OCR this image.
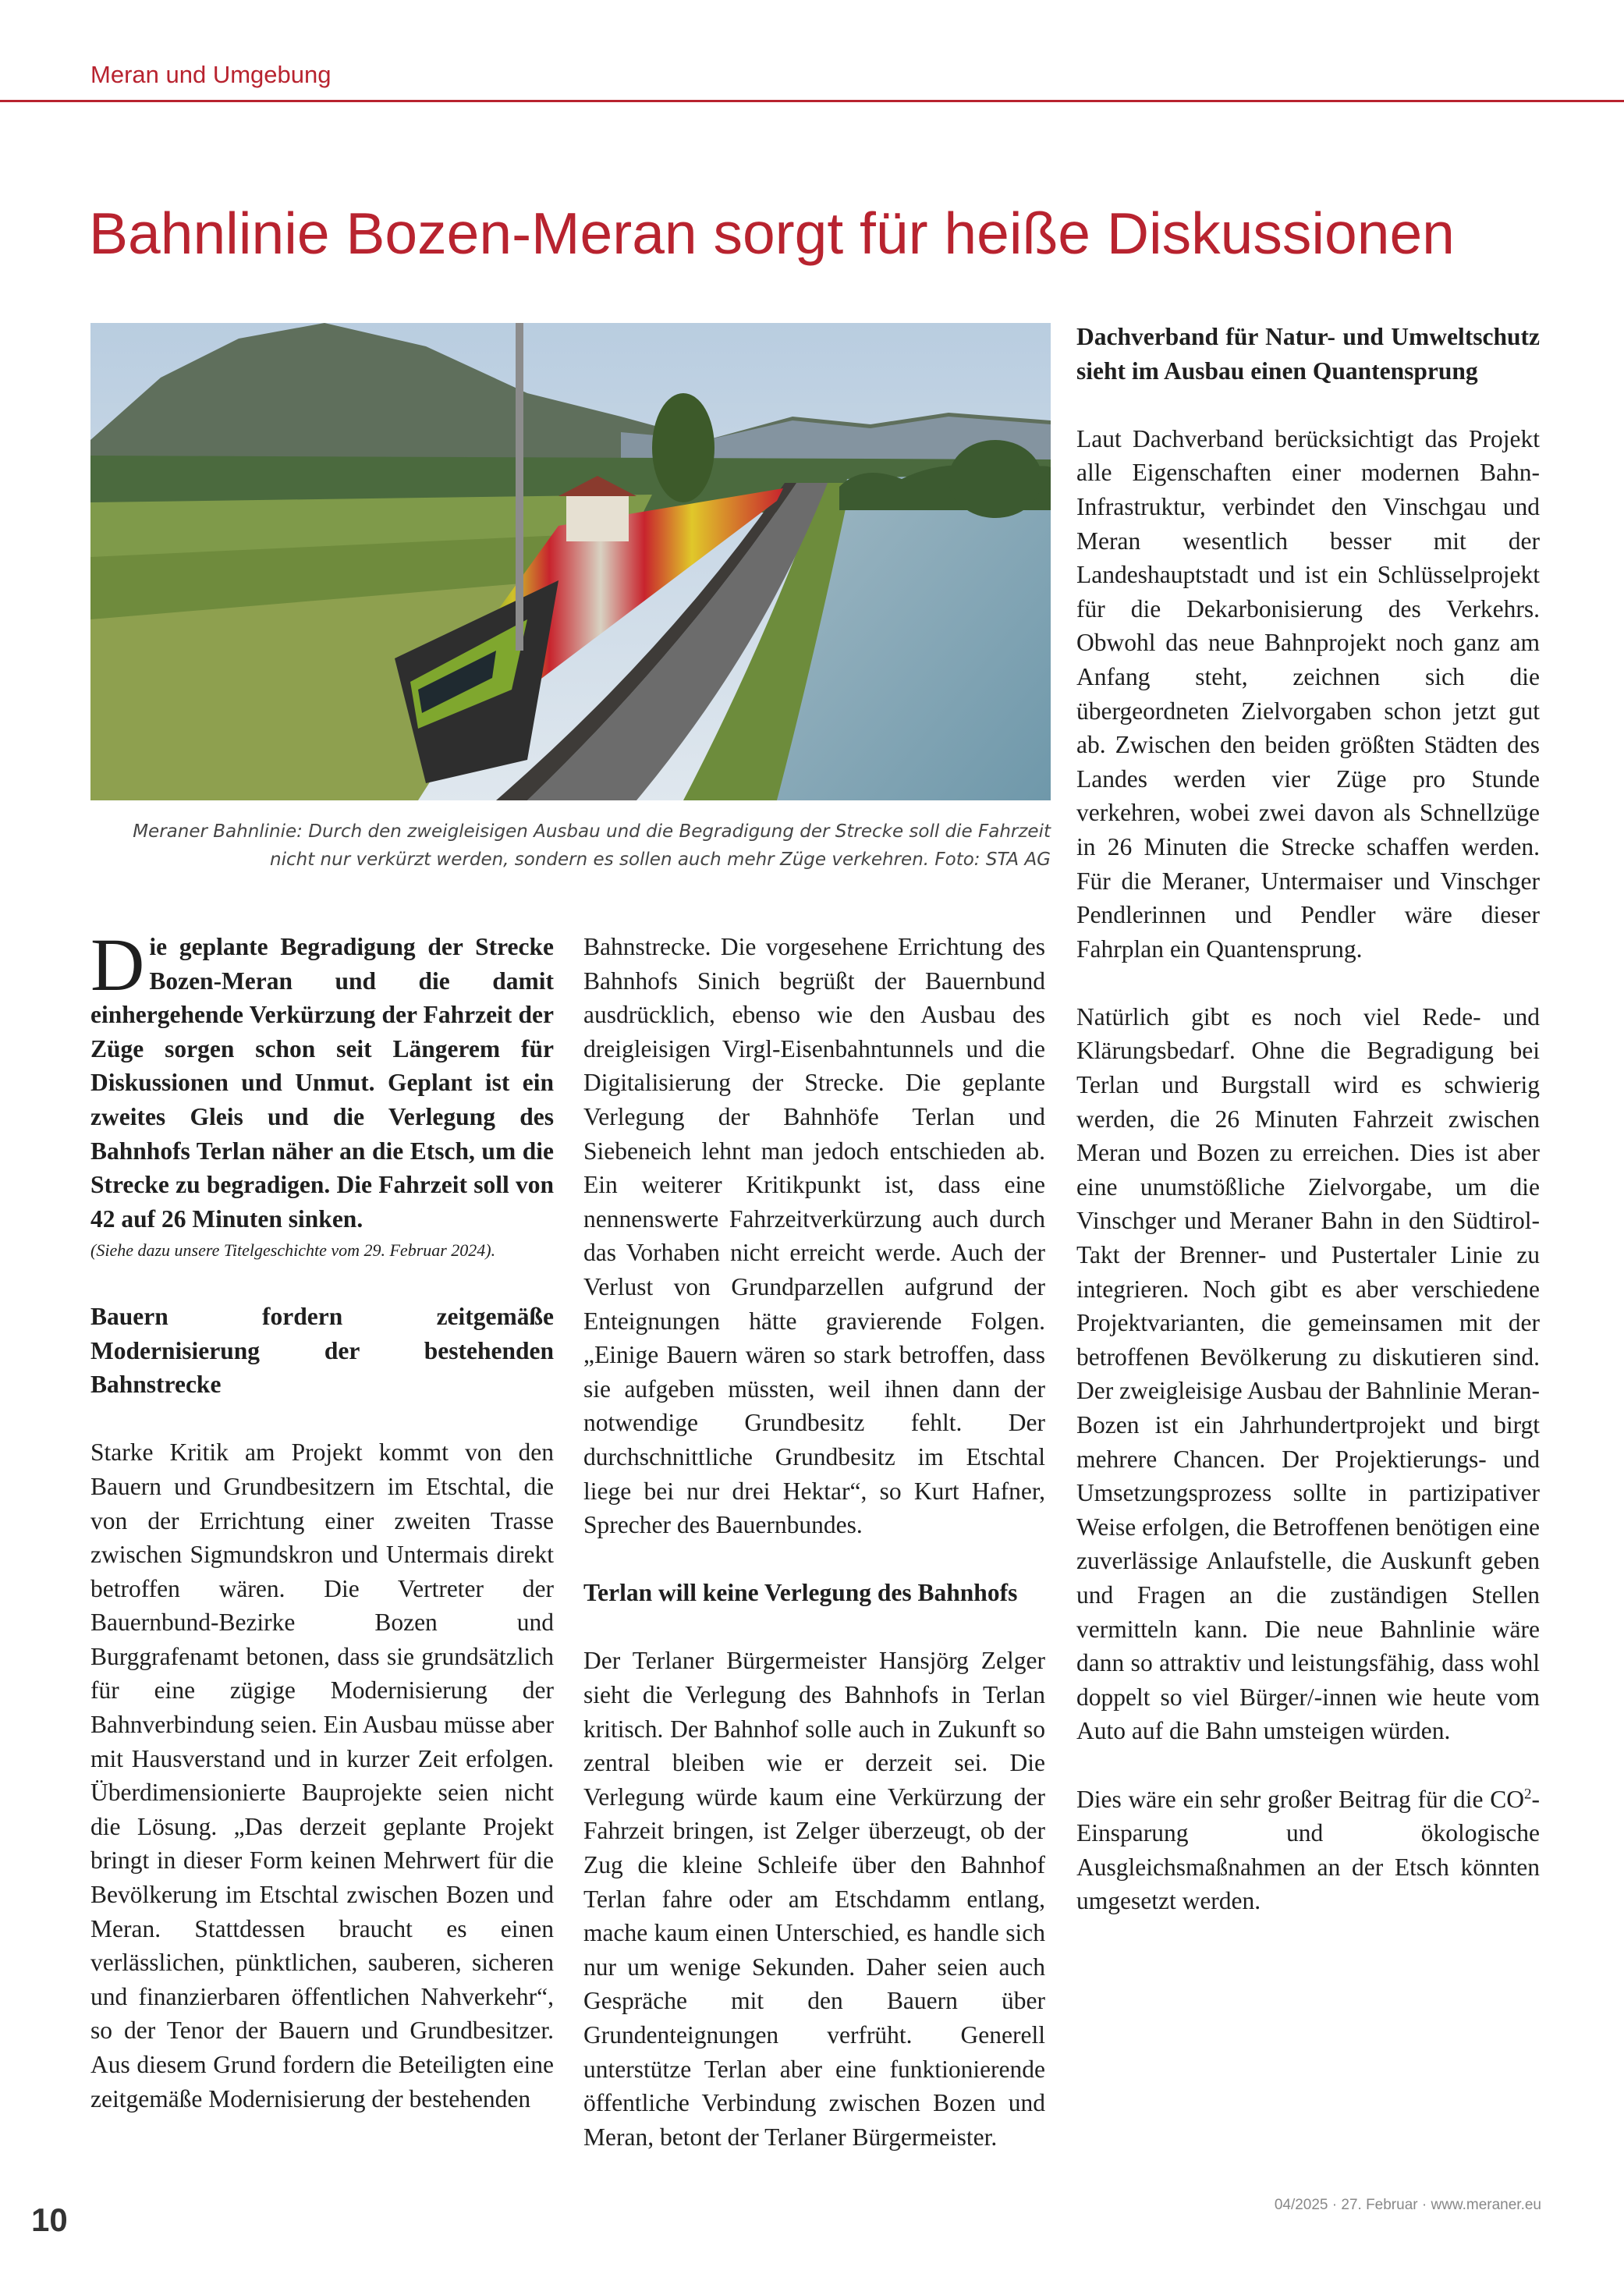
Meran und Umgebung
Bahnlinie Bozen-Meran sorgt für heiße Diskussionen

Meraner Bahnlinie: Durch den zweigleisigen Ausbau und die Begradigung der Strecke soll die Fahrzeit nicht nur verkürzt werden, sondern es sollen auch mehr Züge verkehren. Foto: STA AG

Die geplante Begradigung der Strecke Bozen-Meran und die damit einhergehende Verkürzung der Fahrzeit der Züge sorgen schon seit Längerem für Diskussionen und Unmut. Geplant ist ein zweites Gleis und die Verlegung des Bahnhofs Terlan näher an die Etsch, um die Strecke zu begradigen. Die Fahrzeit soll von 42 auf 26 Minuten sinken.

(Siehe dazu unsere Titelgeschichte vom 29. Februar 2024).

Bauern fordern zeitgemäße Modernisierung der bestehenden Bahnstrecke

Starke Kritik am Projekt kommt von den Bauern und Grundbesitzern im Etschtal, die von der Errichtung einer zweiten Trasse zwischen Sigmundskron und Untermais direkt betroffen wären. Die Vertreter der Bauernbund-Bezirke Bozen und Burggrafenamt betonen, dass sie grundsätzlich für eine zügige Modernisierung der Bahnverbindung seien. Ein Ausbau müsse aber mit Hausverstand und in kurzer Zeit erfolgen. Überdimensionierte Bauprojekte seien nicht die Lösung. „Das derzeit geplante Projekt bringt in dieser Form keinen Mehrwert für die Bevölkerung im Etschtal zwischen Bozen und Meran. Stattdessen braucht es einen verlässlichen, pünktlichen, sauberen, sicheren und finanzierbaren öffentlichen Nahverkehr“, so der Tenor der Bauern und Grundbesitzer. Aus diesem Grund fordern die Beteiligten eine zeitgemäße Modernisierung der bestehenden

Dachverband für Natur- und Umweltschutz sieht im Ausbau einen Quantensprung

Laut Dachverband berücksichtigt das Projekt alle Eigenschaften einer modernen Bahn-Infrastruktur, verbindet den Vinschgau und Meran wesentlich besser mit der Landeshauptstadt und ist ein Schlüsselprojekt für die Dekarbonisierung des Verkehrs. Obwohl das neue Bahnprojekt noch ganz am Anfang steht, zeichnen sich die übergeordneten Zielvorgaben schon jetzt gut ab. Zwischen den beiden größten Städten des Landes werden vier Züge pro Stunde verkehren, wobei zwei davon als Schnellzüge in 26 Minuten die Strecke schaffen werden. Für die Meraner, Untermaiser und Vinschger Pendlerinnen und Pendler wäre dieser Fahrplan ein Quantensprung.

Natürlich gibt es noch viel Rede- und Klärungsbedarf. Ohne die Begradigung bei Terlan und Burgstall wird es schwierig werden, die 26 Minuten Fahrzeit zwischen Meran und Bozen zu erreichen. Dies ist aber eine unumstößliche Zielvorgabe, um die Vinschger und Meraner Bahn in den Südtirol-Takt der Brenner- und Pustertaler Linie zu integrieren. Noch gibt es aber verschiedene Projektvarianten, die gemeinsamen mit der betroffenen Bevölkerung zu diskutieren sind. Der zweigleisige Ausbau der Bahnlinie Meran-Bozen ist ein Jahrhundertprojekt und birgt mehrere Chancen. Der Projektierungs- und Umsetzungsprozess sollte in partizipativer Weise erfolgen, die Betroffenen benötigen eine zuverlässige Anlaufstelle, die Auskunft geben und Fragen an die zuständigen Stellen vermitteln kann. Die neue Bahnlinie wäre dann so attraktiv und leistungsfähig, dass wohl doppelt so viel Bürger/-innen wie heute vom Auto auf die Bahn umsteigen würden.

Dies wäre ein sehr großer Beitrag für die $CO^2$-Einsparung und ökologische Ausgleichsmaßnahmen an der Etsch könnten umgesetzt werden.

10	04/2025 · 27. Februar · www.meraner.eu

Bahnstrecke. Die vorgesehene Errichtung des Bahnhofs Sinich begrüßt der Bauernbund ausdrücklich, ebenso wie den Ausbau des dreigleisigen Virgl-Eisenbahntunnels und die Digitalisierung der Strecke. Die geplante Verlegung der Bahnhöfe Terlan und Siebeneich lehnt man jedoch entschieden ab. Ein weiterer Kritikpunkt ist, dass eine nennenswerte Fahrzeitverkürzung auch durch das Vorhaben nicht erreicht werde. Auch der Verlust von Grundparzellen aufgrund der Enteignungen hätte gravierende Folgen. „Einige Bauern wären so stark betroffen, dass sie aufgeben müssten, weil ihnen dann der notwendige Grundbesitz fehlt. Der durchschnittliche Grundbesitz im Etschtal liege bei nur drei Hektar“, so Kurt Hafner, Sprecher des Bauernbundes.

Terlan will keine Verlegung des Bahnhofs

Der Terlaner Bürgermeister Hansjörg Zelger sieht die Verlegung des Bahnhofs in Terlan kritisch. Der Bahnhof solle auch in Zukunft so zentral bleiben wie er derzeit sei. Die Verlegung würde kaum eine Verkürzung der Fahrzeit bringen, ist Zelger überzeugt, ob der Zug die kleine Schleife über den Bahnhof Terlan fahre oder am Etschdamm entlang, mache kaum einen Unterschied, es handle sich nur um wenige Sekunden. Daher seien auch Gespräche mit den Bauern über Grundenteignungen verfrüht. Generell unterstütze Terlan aber eine funktionierende öffentliche Verbindung zwischen Bozen und Meran, betont der Terlaner Bürgermeister.
